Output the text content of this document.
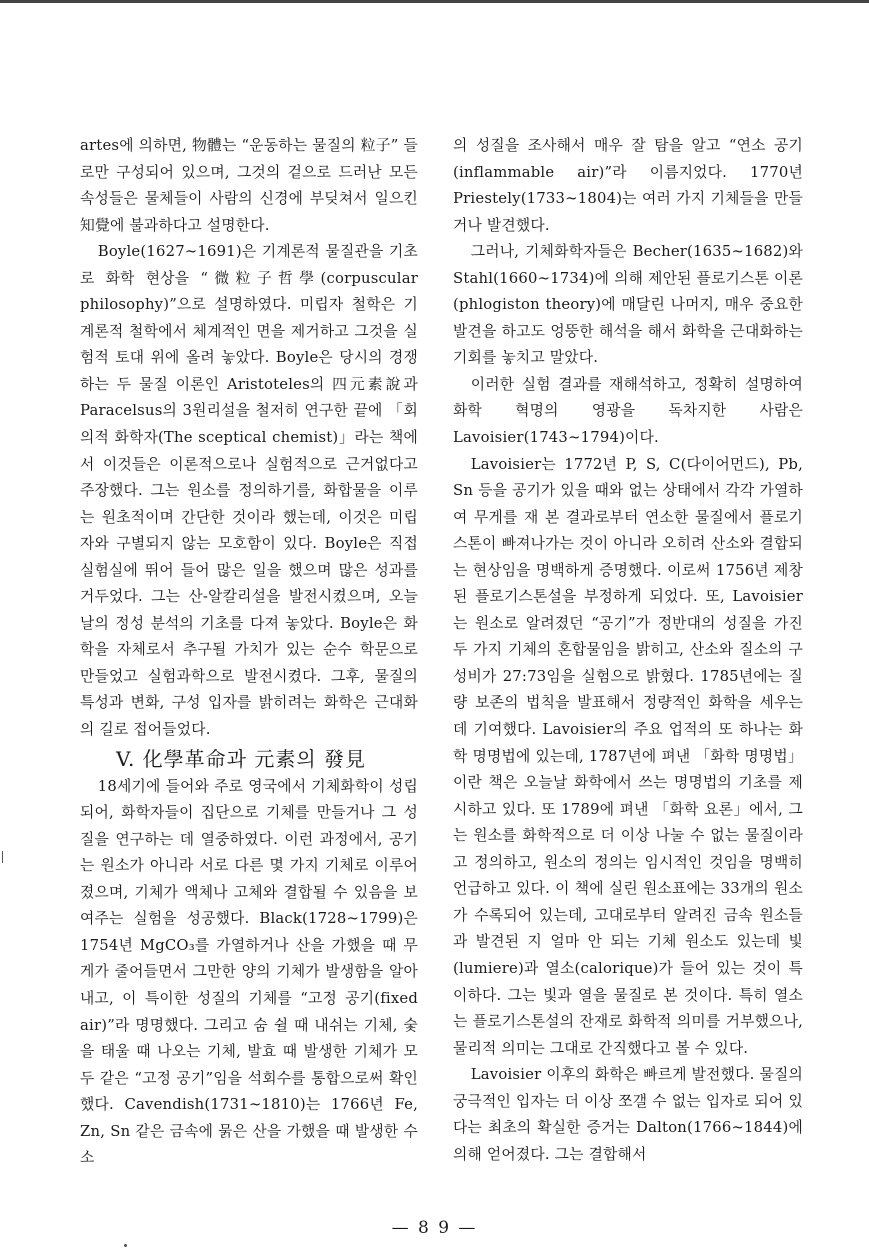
artes에 의하면, 物體는 “운동하는 물질의 粒子” 들로만 구성되어 있으며, 그것의 겉으로 드러난 모든 속성들은 물체들이 사람의 신경에 부딪쳐서 일으킨 知覺에 불과하다고 설명한다.

Boyle(1627∼1691)은 기계론적 물질관을 기초로 화학 현상을 “微粒子哲學(corpuscular philosophy)”으로 설명하였다. 미립자 철학은 기계론적 철학에서 체계적인 면을 제거하고 그것을 실험적 토대 위에 올려 놓았다. Boyle은 당시의 경쟁하는 두 물질 이론인 Aristoteles의 四元素說과 Paracelsus의 3원리설을 철저히 연구한 끝에 「회의적 화학자(The sceptical chemist)」라는 책에서 이것들은 이론적으로나 실험적으로 근거없다고 주장했다. 그는 원소를 정의하기를, 화합물을 이루는 원초적이며 간단한 것이라 했는데, 이것은 미립자와 구별되지 않는 모호함이 있다. Boyle은 직접 실험실에 뛰어 들어 많은 일을 했으며 많은 성과를 거두었다. 그는 산-알칼리설을 발전시켰으며, 오늘날의 정성 분석의 기초를 다져 놓았다. Boyle은 화학을 자체로서 추구될 가치가 있는 순수 학문으로 만들었고 실험과학으로 발전시켰다. 그후, 물질의 특성과 변화, 구성 입자를 밝히려는 화학은 근대화의 길로 접어들었다.

V. 化學革命과 元素의 發見

18세기에 들어와 주로 영국에서 기체화학이 성립되어, 화학자들이 집단으로 기체를 만들거나 그 성질을 연구하는 데 열중하였다. 이런 과정에서, 공기는 원소가 아니라 서로 다른 몇 가지 기체로 이루어졌으며, 기체가 액체나 고체와 결합될 수 있음을 보여주는 실험을 성공했다. Black(1728∼1799)은 1754년 MgCO₃를 가열하거나 산을 가했을 때 무게가 줄어들면서 그만한 양의 기체가 발생함을 알아내고, 이 특이한 성질의 기체를 “고정 공기(fixed air)”라 명명했다. 그리고 숨 쉴 때 내쉬는 기체, 숯을 태울 때 나오는 기체, 발효 때 발생한 기체가 모두 같은 “고정 공기”임을 석회수를 통합으로써 확인했다. Cavendish(1731∼1810)는 1766년 Fe, Zn, Sn 같은 금속에 묽은 산을 가했을 때 발생한 수소

의 성질을 조사해서 매우 잘 탐을 알고 “연소 공기(inflammable air)”라 이름지었다. 1770년 Priestely(1733∼1804)는 여러 가지 기체들을 만들거나 발견했다.

그러나, 기체화학자들은 Becher(1635∼1682)와 Stahl(1660∼1734)에 의해 제안된 플로기스톤 이론(phlogiston theory)에 매달린 나머지, 매우 중요한 발견을 하고도 엉뚱한 해석을 해서 화학을 근대화하는 기회를 놓치고 말았다.

이러한 실험 결과를 재해석하고, 정확히 설명하여 화학 혁명의 영광을 독차지한 사람은 Lavoisier(1743∼1794)이다.

Lavoisier는 1772년 P, S, C(다이어먼드), Pb, Sn 등을 공기가 있을 때와 없는 상태에서 각각 가열하여 무게를 재 본 결과로부터 연소한 물질에서 플로기스톤이 빠져나가는 것이 아니라 오히려 산소와 결합되는 현상임을 명백하게 증명했다. 이로써 1756년 제창된 플로기스톤설을 부정하게 되었다. 또, Lavoisier는 원소로 알려졌던 “공기”가 정반대의 성질을 가진 두 가지 기체의 혼합물임을 밝히고, 산소와 질소의 구성비가 27:73임을 실험으로 밝혔다. 1785년에는 질량 보존의 법칙을 발표해서 정량적인 화학을 세우는 데 기여했다. Lavoisier의 주요 업적의 또 하나는 화학 명명법에 있는데, 1787년에 펴낸 「화학 명명법」이란 책은 오늘날 화학에서 쓰는 명명법의 기초를 제시하고 있다. 또 1789에 펴낸 「화학 요론」에서, 그는 원소를 화학적으로 더 이상 나눌 수 없는 물질이라고 정의하고, 원소의 정의는 임시적인 것임을 명백히 언급하고 있다. 이 책에 실린 원소표에는 33개의 원소가 수록되어 있는데, 고대로부터 알려진 금속 원소들과 발견된 지 얼마 안 되는 기체 원소도 있는데 빛(lumiere)과 열소(calorique)가 들어 있는 것이 특이하다. 그는 빛과 열을 물질로 본 것이다. 특히 열소는 플로기스톤설의 잔재로 화학적 의미를 거부했으나, 물리적 의미는 그대로 간직했다고 볼 수 있다.

Lavoisier 이후의 화학은 빠르게 발전했다. 물질의 궁극적인 입자는 더 이상 쪼갤 수 없는 입자로 되어 있다는 최초의 확실한 증거는 Dalton(1766∼1844)에 의해 얻어졌다. 그는 결합해서

— 8 9 —
